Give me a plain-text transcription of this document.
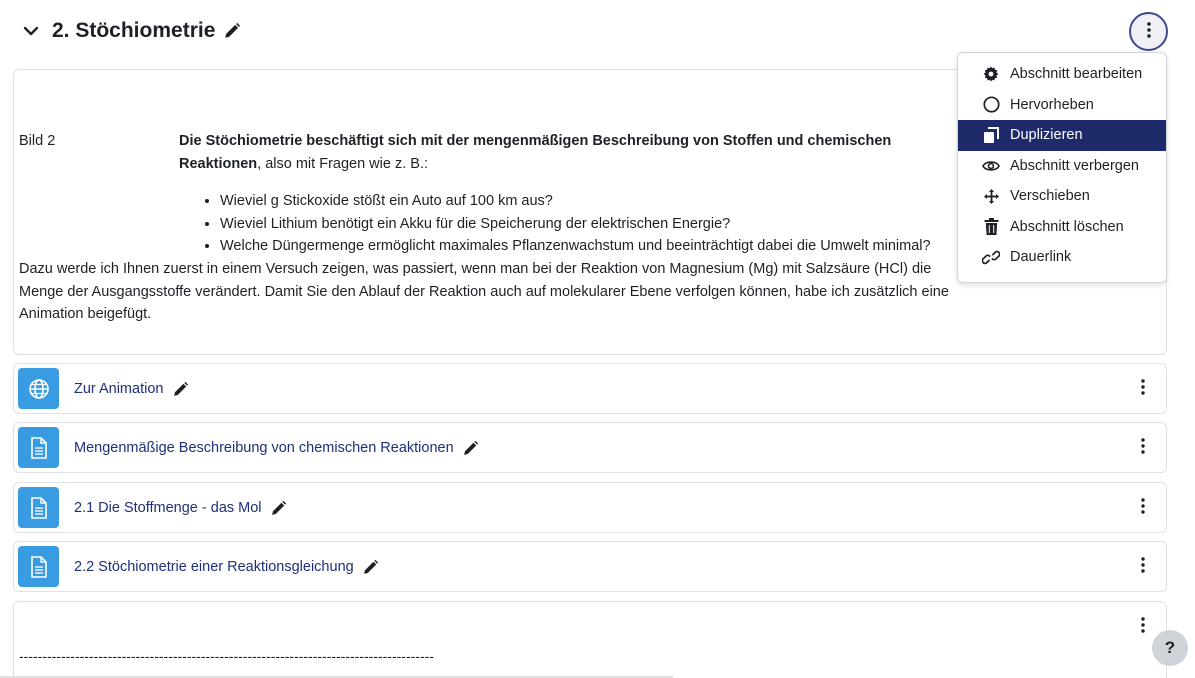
2. Stöchiometrie
Bild 2	Die Stöchiometrie beschäftigt sich mit der mengenmäßigen Beschreibung von Stoffen und chemischen Reaktionen, also mit Fragen wie z. B.:
• Wieviel g Stickoxide stößt ein Auto auf 100 km aus?
• Wieviel Lithium benötigt ein Akku für die Speicherung der elektrischen Energie?
• Welche Düngermenge ermöglicht maximales Pflanzenwachstum und beeinträchtigt dabei die Umwelt minimal?
Dazu werde ich Ihnen zuerst in einem Versuch zeigen, was passiert, wenn man bei der Reaktion von Magnesium (Mg) mit Salzsäure (HCl) die Menge der Ausgangsstoffe verändert. Damit Sie den Ablauf der Reaktion auch auf molekularer Ebene verfolgen können, habe ich zusätzlich eine Animation beigefügt.
Zur Animation
Mengenmäßige Beschreibung von chemischen Reaktionen
2.1 Die Stoffmenge - das Mol
2.2 Stöchiometrie einer Reaktionsgleichung
-----------------------------------------------------------------------------------------	?
Abschnitt bearbeiten
Hervorheben
Duplizieren
Abschnitt verbergen
Verschieben
Abschnitt löschen
Dauerlink
